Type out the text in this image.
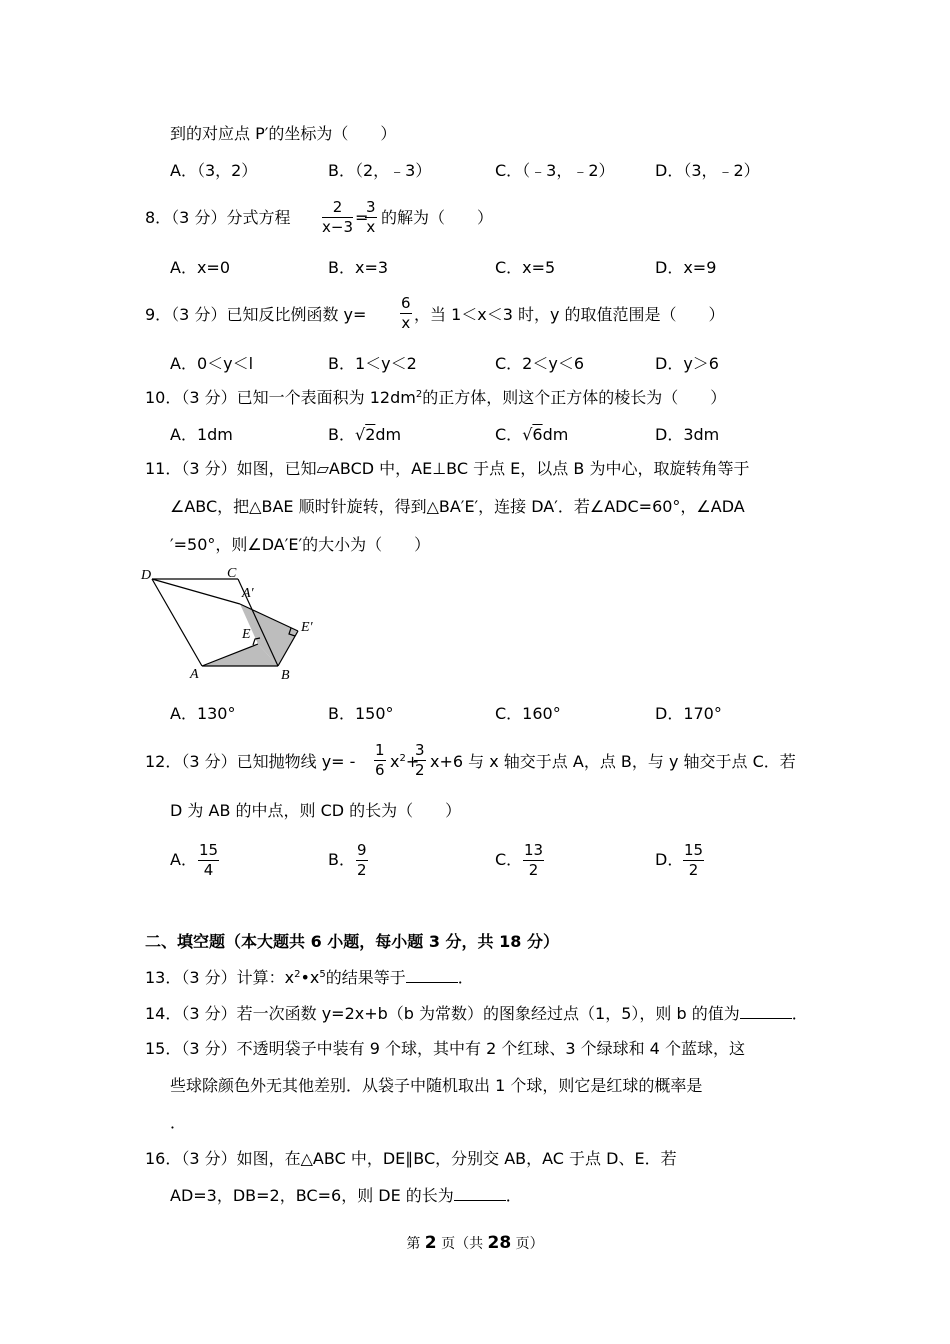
到的对应点 P′的坐标为（　　）
A．（3，2）	B．（2，﹣3）	C．（﹣3，﹣2）	D．（3，﹣2）
8．（3 分）分式方程 $\frac{2}{x-3}$ =
$\frac{3}{x}$ 的解为（　　）
A．x=0	B．x=3	C．x=5	D．x=9
9．（3 分）已知反比例函数 $y= \frac{6}{x}$ ，当 1＜x＜3 时，y 的取值范围是（　　）
A．0＜y＜l	B．1＜y＜2	C．2＜y＜6	D．y＞6
10．（3 分）已知一个表面积为 $12dm^2$的正方体，则这个正方体的棱长为（　　）
A．1dm	B．√2dm	C．√6dm	D．3dm
11．（3 分）如图，已知▱ABCD 中，AE⊥BC 于点 E，以点 B 为中心，取旋转角等于
∠ABC，把△BAE 顺时针旋转，得到△BA′E′，连接 DA′．若∠ADC=60°，∠ADA
′=50°，则∠DA′E′的大小为（　　）
D	C
A′
E	E′
A	B
A．130°	B．150°	C．160°	D．170°
12．（3 分）已知抛物线 $y= - \frac{1}{6} x^2+$
$\frac{3}{2} x+6$ 与 x 轴交于点 A，点 B，与 y 轴交于点 C．若
D 为 AB 的中点，则 CD 的长为（　　）
A． $\frac{15}{4}$	B． $\frac{9}{2}$	C． $\frac{13}{2}$	D． $\frac{15}{2}$
二、填空题（本大题共 6 小题，每小题 3 分，共 18 分）
13．（3 分）计算：$x^2•x^5$的结果等于	．
14．（3 分）若一次函数 y=2x+b（b 为常数）的图象经过点（1，5），则 b 的值为	．
15．（3 分）不透明袋子中装有 9 个球，其中有 2 个红球、3 个绿球和 4 个蓝球，这
些球除颜色外无其他差别．从袋子中随机取出 1 个球，则它是红球的概率是
．
16．（3 分）如图，在△ABC 中，DE∥BC，分别交 AB，AC 于点 D、E．若
AD=3，DB=2，BC=6，则 DE 的长为	．
第 2 页（共 28 页）
